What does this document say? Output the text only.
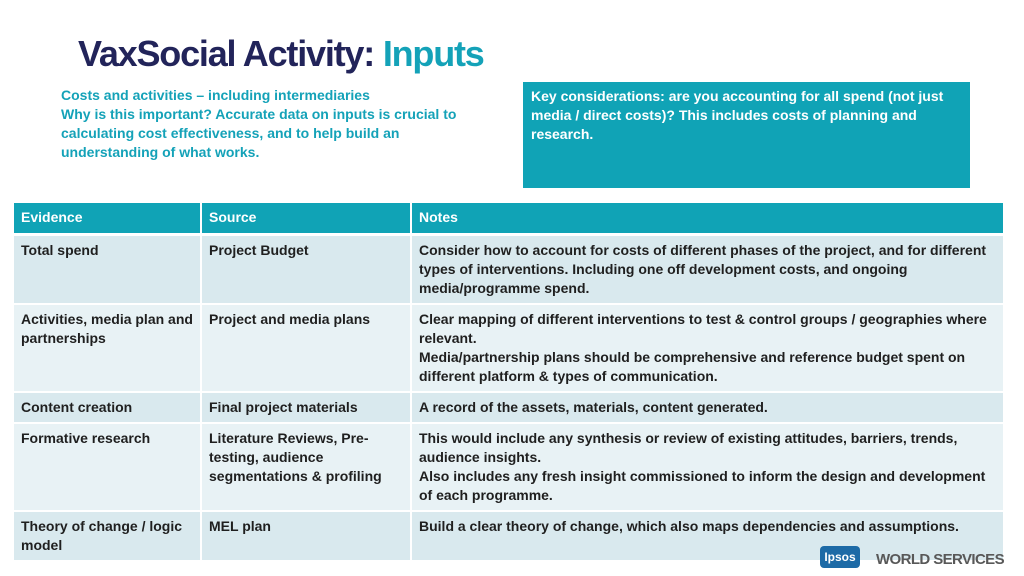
VaxSocial Activity: Inputs
Costs and activities – including intermediaries
Why is this important? Accurate data on inputs is crucial to
calculating cost effectiveness, and to help build an
understanding of what works.
Key considerations: are you accounting for all spend (not just media / direct costs)? This includes costs of planning and research.
Evidence	Source	Notes
Total spend	Project Budget	Consider how to account for costs of different phases of the project, and for different types of interventions. Including one off development costs, and ongoing media/programme spend.

Activities, media plan and partnerships	Project and media plans	Clear mapping of different interventions to test & control groups / geographies where relevant.
Media/partnership plans should be comprehensive and reference budget spent on different platform & types of communication.

Content creation	Final project materials	A record of the assets, materials, content generated.

Formative research	Literature Reviews, Pre-testing, audience segmentations & profiling	This would include any synthesis or review of existing attitudes, barriers, trends, audience insights.
Also includes any fresh insight commissioned to inform the design and development of each programme.

Theory of change / logic model	MEL plan	Build a clear theory of change, which also maps dependencies and assumptions.
Ipsos WORLD SERVICES
